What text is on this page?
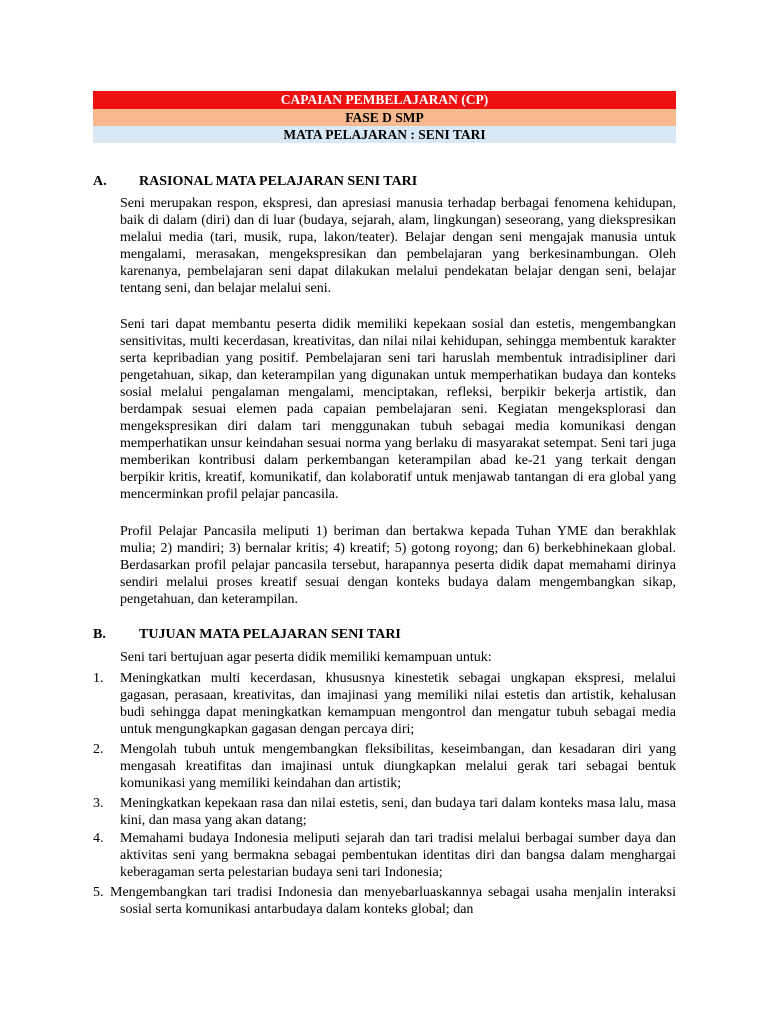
CAPAIAN PEMBELAJARAN (CP)
FASE D SMP
MATA PELAJARAN : SENI TARI
A. RASIONAL MATA PELAJARAN SENI TARI

Seni merupakan respon, ekspresi, dan apresiasi manusia terhadap berbagai fenomena kehidupan, baik di dalam (diri) dan di luar (budaya, sejarah, alam, lingkungan) seseorang, yang diekspresikan melalui media (tari, musik, rupa, lakon/teater). Belajar dengan seni mengajak manusia untuk mengalami, merasakan, mengekspresikan dan pembelajaran yang berkesinambungan. Oleh karenanya, pembelajaran seni dapat dilakukan melalui pendekatan belajar dengan seni, belajar tentang seni, dan belajar melalui seni.

Seni tari dapat membantu peserta didik memiliki kepekaan sosial dan estetis, mengembangkan sensitivitas, multi kecerdasan, kreativitas, dan nilai nilai kehidupan, sehingga membentuk karakter serta kepribadian yang positif. Pembelajaran seni tari haruslah membentuk intradisipliner dari pengetahuan, sikap, dan keterampilan yang digunakan untuk memperhatikan budaya dan konteks sosial melalui pengalaman mengalami, menciptakan, refleksi, berpikir bekerja artistik, dan berdampak sesuai elemen pada capaian pembelajaran seni. Kegiatan mengeksplorasi dan mengekspresikan diri dalam tari menggunakan tubuh sebagai media komunikasi dengan memperhatikan unsur keindahan sesuai norma yang berlaku di masyarakat setempat. Seni tari juga memberikan kontribusi dalam perkembangan keterampilan abad ke-21 yang terkait dengan berpikir kritis, kreatif, komunikatif, dan kolaboratif untuk menjawab tantangan di era global yang mencerminkan profil pelajar pancasila.

Profil Pelajar Pancasila meliputi 1) beriman dan bertakwa kepada Tuhan YME dan berakhlak mulia; 2) mandiri; 3) bernalar kritis; 4) kreatif; 5) gotong royong; dan 6) berkebhinekaan global. Berdasarkan profil pelajar pancasila tersebut, harapannya peserta didik dapat memahami dirinya sendiri melalui proses kreatif sesuai dengan konteks budaya dalam mengembangkan sikap, pengetahuan, dan keterampilan.

B. TUJUAN MATA PELAJARAN SENI TARI

Seni tari bertujuan agar peserta didik memiliki kemampuan untuk:

1. Meningkatkan multi kecerdasan, khususnya kinestetik sebagai ungkapan ekspresi, melalui gagasan, perasaan, kreativitas, dan imajinasi yang memiliki nilai estetis dan artistik, kehalusan budi sehingga dapat meningkatkan kemampuan mengontrol dan mengatur tubuh sebagai media untuk mengungkapkan gagasan dengan percaya diri;
2. Mengolah tubuh untuk mengembangkan fleksibilitas, keseimbangan, dan kesadaran diri yang mengasah kreatifitas dan imajinasi untuk diungkapkan melalui gerak tari sebagai bentuk komunikasi yang memiliki keindahan dan artistik;
3. Meningkatkan kepekaan rasa dan nilai estetis, seni, dan budaya tari dalam konteks masa lalu, masa kini, dan masa yang akan datang;
4. Memahami budaya Indonesia meliputi sejarah dan tari tradisi melalui berbagai sumber daya dan aktivitas seni yang bermakna sebagai pembentukan identitas diri dan bangsa dalam menghargai keberagaman serta pelestarian budaya seni tari Indonesia;
5. Mengembangkan tari tradisi Indonesia dan menyebarluaskannya sebagai usaha menjalin interaksi sosial serta komunikasi antarbudaya dalam konteks global; dan
